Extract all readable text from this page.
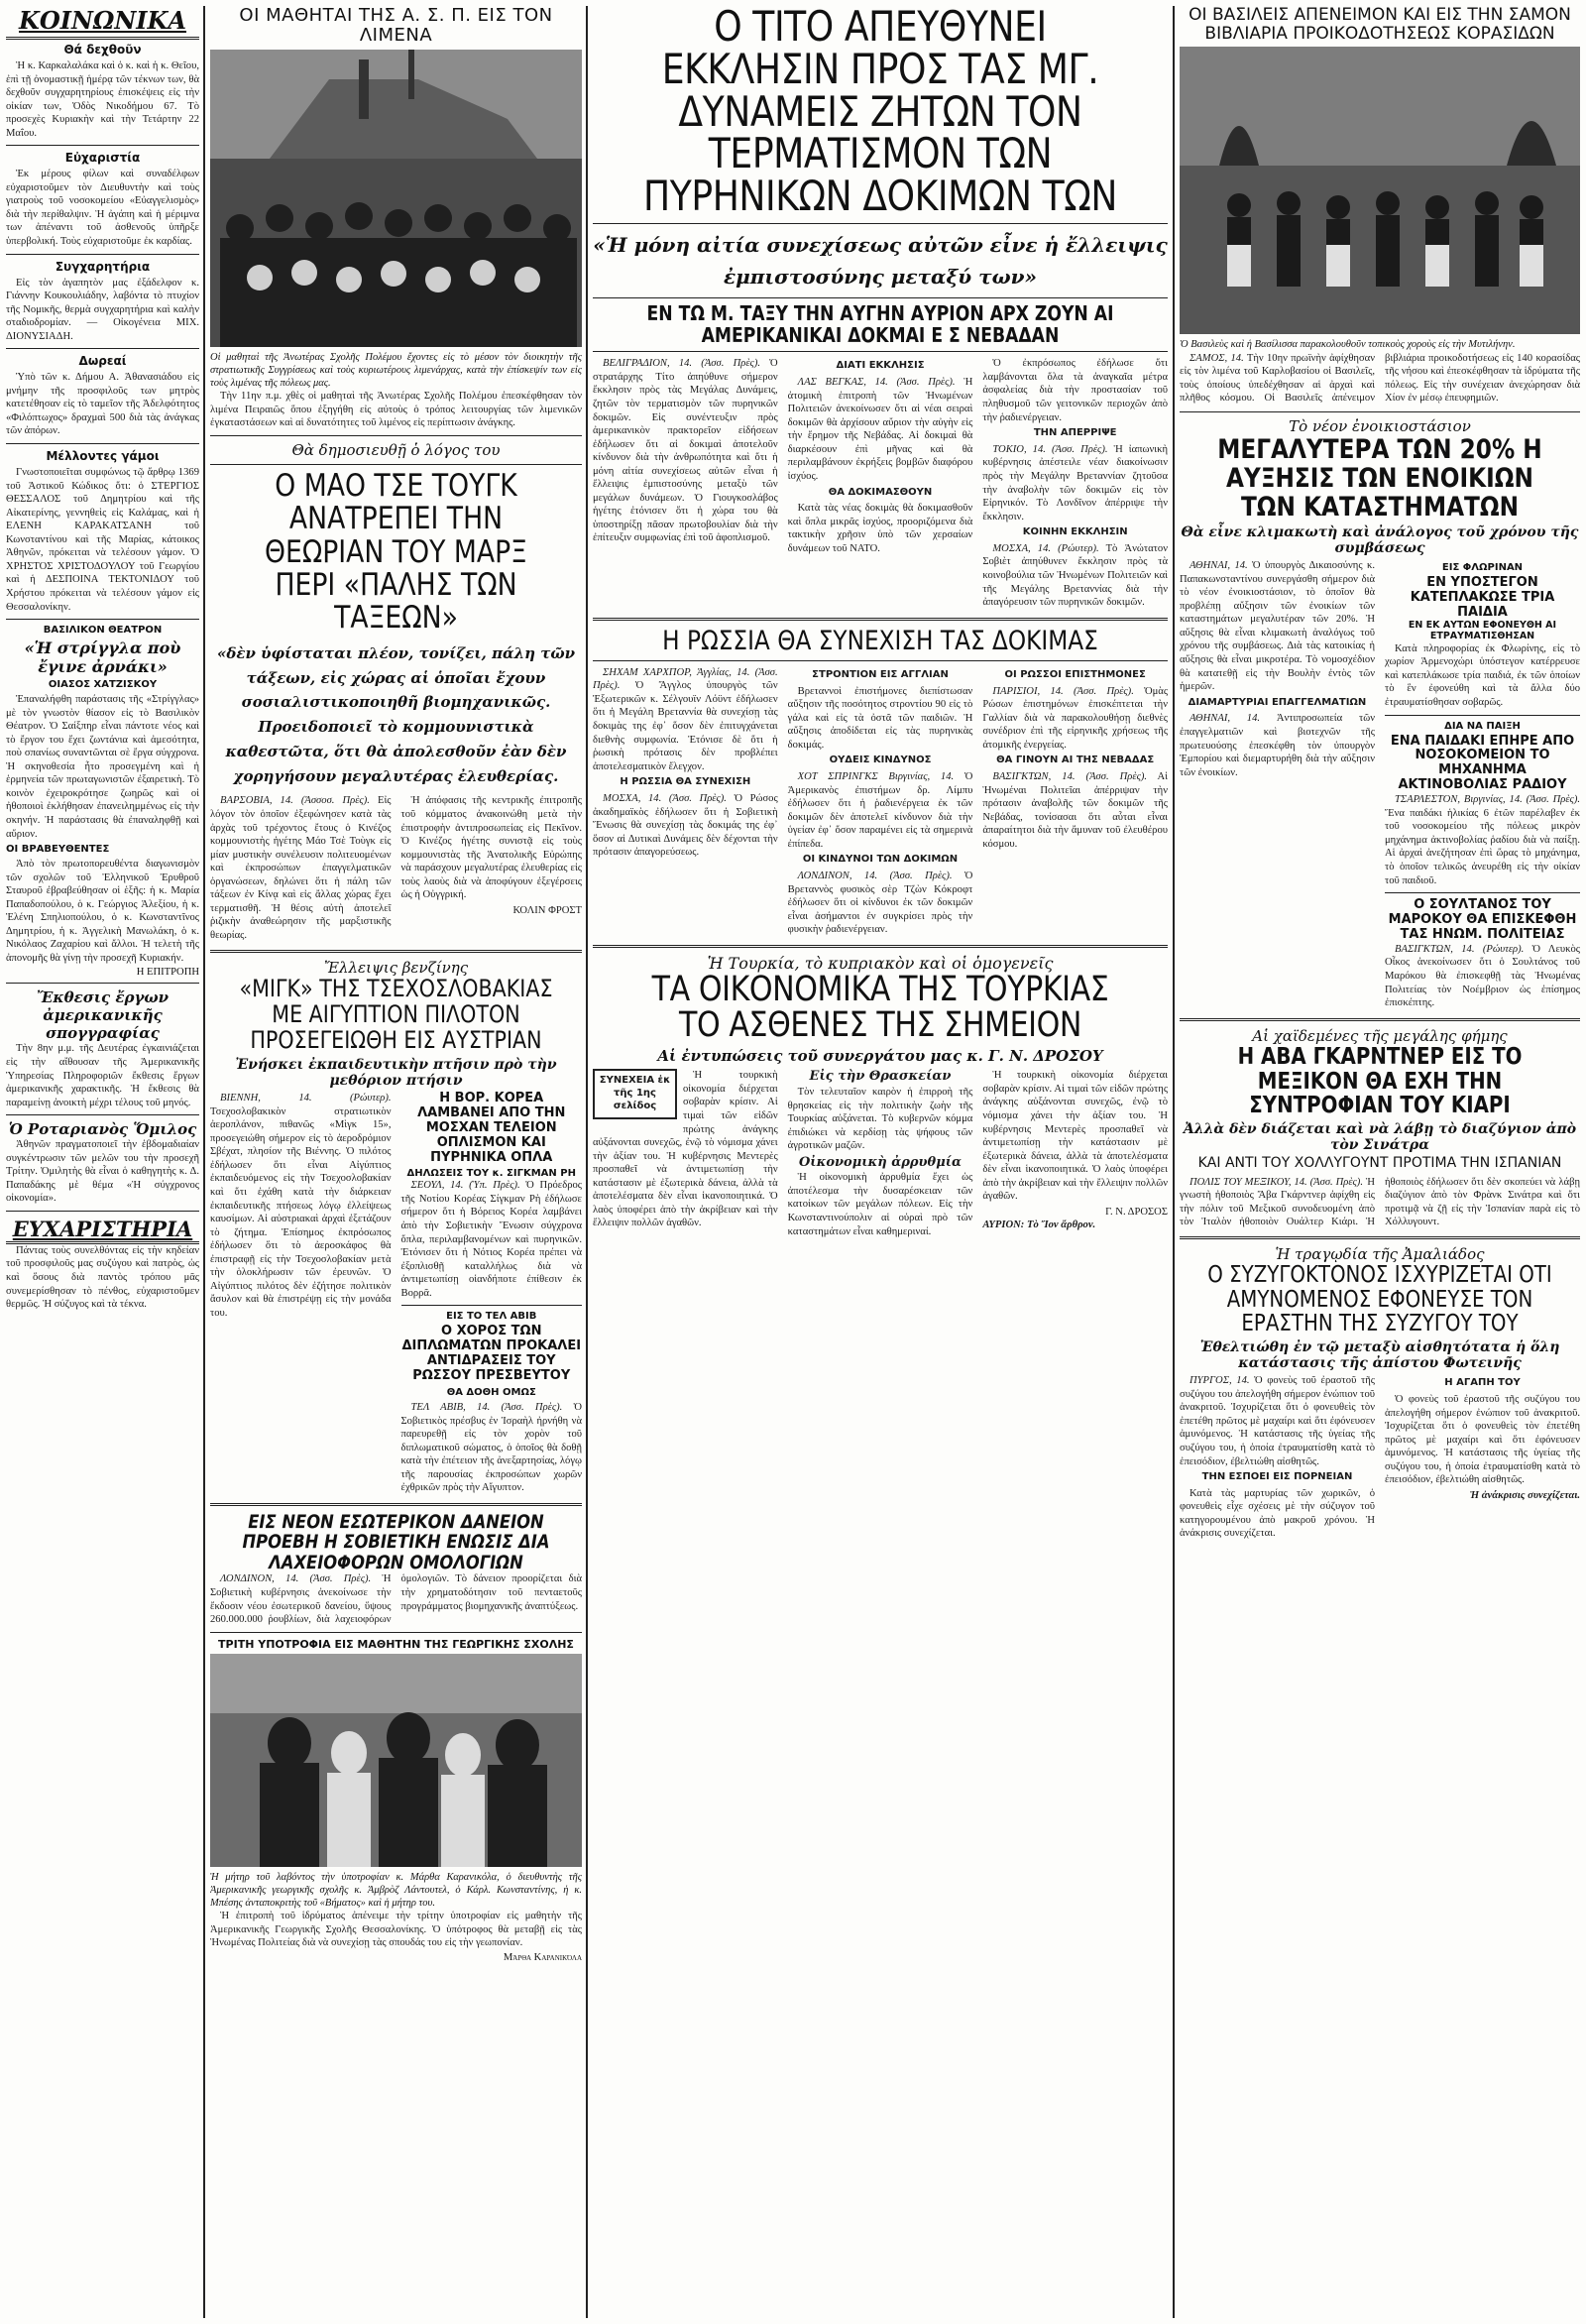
ΚΟΙΝΩΝΙΚΑ
Θά δεχθοῦν

Ἡ κ. Καρκαλαλάκα καὶ ὁ κ. καὶ ἡ κ. Θεῖου, ἐπὶ τῇ ὀνομαστικῇ ἡμέρᾳ τῶν τέκνων των, θὰ δεχθοῦν συγχαρητηρίους ἐπισκέψεις εἰς τὴν οἰκίαν των, Ὁδὸς Νικοδήμου 67. Τὸ προσεχὲς Κυριακὴν καὶ τὴν Τετάρτην 22 Μαΐου.

Εὐχαριστία

Ἐκ μέρους φίλων καὶ συναδέλφων εὐχαριστοῦμεν τὸν Διευθυντὴν καὶ τοὺς γιατροὺς τοῦ νοσοκομείου «Εὐαγγελισμὸς» διὰ τὴν περίθαλψιν. Ἡ ἀγάπη καὶ ἡ μέριμνα των ἀπέναντι τοῦ ἀσθενοῦς ὑπῆρξε ὑπερβολική. Τοὺς εὐχαριστοῦμε ἐκ καρδίας.

Συγχαρητήρια

Εἰς τὸν ἀγαπητὸν μας ἐξάδελφον κ. Γιάννην Κουκουλιάδην, λαβόντα τὸ πτυχίον τῆς Νομικῆς, θερμὰ συγχαρητήρια καὶ καλὴν σταδιοδρομίαν. — Οἰκογένεια ΜΙΧ. ΔΙΟΝΥΣΙΑΔΗ.

Δωρεαί

Ὑπὸ τῶν κ. Δήμου Α. Ἀθανασιάδου εἰς μνήμην τῆς προσφιλοῦς των μητρὸς κατετέθησαν εἰς τὸ ταμεῖον τῆς Ἀδελφότητος «Φιλόπτωχος» δραχμαὶ 500 διὰ τὰς ἀνάγκας τῶν ἀπόρων.

Μέλλοντες γάμοι

Γνωστοποιεῖται συμφώνως τῷ ἄρθρῳ 1369 τοῦ Ἀστικοῦ Κώδικος ὅτι: ὁ ΣΤΕΡΓΙΟΣ ΘΕΣΣΑΛΟΣ τοῦ Δημητρίου καὶ τῆς Αἰκατερίνης, γεννηθεὶς εἰς Καλάμας, καὶ ἡ ΕΛΕΝΗ ΚΑΡΑΚΑΤΣΑΝΗ τοῦ Κωνσταντίνου καὶ τῆς Μαρίας, κάτοικος Ἀθηνῶν, πρόκειται νὰ τελέσουν γάμον. Ὁ ΧΡΗΣΤΟΣ ΧΡΙΣΤΟΔΟΥΛΟΥ τοῦ Γεωργίου καὶ ἡ ΔΕΣΠΟΙΝΑ ΤΕΚΤΟΝΙΔΟΥ τοῦ Χρήστου πρόκειται νὰ τελέσουν γάμον εἰς Θεσσαλονίκην.

ΒΑΣΙΛΙΚΟΝ ΘΕΑΤΡΟΝ
«Ἡ στρίγγλα ποὺ ἔγινε ἀρνάκι»
ΟΙΑΣΟΣ ΧΑΤΖΙΣΚΟΥ

Ἐπαναλήφθη παράστασις τῆς «Στρίγγλας» μὲ τὸν γνωστὸν θίασον εἰς τὸ Βασιλικὸν Θέατρον. Ὁ Σαίξπηρ εἶναι πάντοτε νέος καὶ τὸ ἔργον του ἔχει ζωντάνια καὶ ἀμεσότητα, ποὺ σπανίως συναντῶνται σὲ ἔργα σύγχρονα. Ἡ σκηνοθεσία ἦτο προσεγμένη καὶ ἡ ἑρμηνεία τῶν πρωταγωνιστῶν ἐξαιρετικὴ. Τὸ κοινὸν ἐχειροκρότησε ζωηρῶς καὶ οἱ ἠθοποιοὶ ἐκλήθησαν ἐπανειλημμένως εἰς τὴν σκηνήν. Ἡ παράστασις θὰ ἐπαναληφθῇ καὶ αὔριον.

ΟΙ ΒΡΑΒΕΥΘΕΝΤΕΣ

Ἀπὸ τὸν πρωτοπορευθέντα διαγωνισμὸν τῶν σχολῶν τοῦ Ἐλληνικοῦ Ἐρυθροῦ Σταυροῦ ἐβραβεύθησαν οἱ ἑξῆς: ἡ κ. Μαρία Παπαδοπούλου, ὁ κ. Γεώργιος Ἀλεξίου, ἡ κ. Ἑλένη Σπηλιοπούλου, ὁ κ. Κωνσταντῖνος Δημητρίου, ἡ κ. Ἀγγελικὴ Μανωλάκη, ὁ κ. Νικόλαος Ζαχαρίου καὶ ἄλλοι. Ἡ τελετὴ τῆς ἀπονομῆς θὰ γίνῃ τὴν προσεχῆ Κυριακήν.

Η ΕΠΙΤΡΟΠΗ
Ἔκθεσις ἔργων ἀμερικανικῆς σπογγραφίας

Τὴν 8ην μ.μ. τῆς Δευτέρας ἐγκαινιάζεται εἰς τὴν αἴθουσαν τῆς Ἀμερικανικῆς Ὑπηρεσίας Πληροφοριῶν ἔκθεσις ἔργων ἀμερικανικῆς χαρακτικῆς. Ἡ ἔκθεσις θὰ παραμείνῃ ἀνοικτὴ μέχρι τέλους τοῦ μηνός.

Ὁ Ροταριανὸς Ὅμιλος

Ἀθηνῶν πραγματοποιεῖ τὴν ἑβδομαδιαίαν συγκέντρωσιν τῶν μελῶν του τὴν προσεχῆ Τρίτην. Ὁμιλητὴς θὰ εἶναι ὁ καθηγητὴς κ. Δ. Παπαδάκης μὲ θέμα «Ἡ σύγχρονος οἰκονομία».

ΕΥΧΑΡΙΣΤΗΡΙΑ

Πάντας τοὺς συνελθόντας εἰς τὴν κηδείαν τοῦ προσφιλοῦς μας συζύγου καὶ πατρὸς, ὡς καὶ ὅσους διὰ παντὸς τρόπου μᾶς συνεμερίσθησαν τὸ πένθος, εὐχαριστοῦμεν θερμῶς. Ἡ σύζυγος καὶ τὰ τέκνα.

ΟΙ ΜΑΘΗΤΑΙ ΤΗΣ Α. Σ. Π. ΕΙΣ ΤΟΝ ΛΙΜΕΝΑ
Οἱ μαθηταὶ τῆς Ἀνωτέρας Σχολῆς Πολέμου ἔχοντες εἰς τὸ μέσον τὸν διοικητὴν τῆς στρατιωτικῆς Συγγρίσεως καὶ τοὺς κυριωτέρους λιμενάρχας, κατὰ τὴν ἐπίσκεψίν των εἰς τοὺς λιμένας τῆς πόλεως μας.

Τὴν 11ην π.μ. χθὲς οἱ μαθηταὶ τῆς Ἀνωτέρας Σχολῆς Πολέμου ἐπεσκέφθησαν τὸν λιμένα Πειραιῶς ὅπου ἐξηγήθη εἰς αὐτοὺς ὁ τρόπος λειτουργίας τῶν λιμενικῶν ἐγκαταστάσεων καὶ αἱ δυνατότητες τοῦ λιμένος εἰς περίπτωσιν ἀνάγκης.

Θὰ δημοσιευθῇ ὁ λόγος του
Ο ΜΑΟ ΤΣΕ ΤΟΥΓΚ ΑΝΑΤΡΕΠΕΙ ΤΗΝ ΘΕΩΡΙΑΝ ΤΟΥ ΜΑΡΞ ΠΕΡΙ «ΠΑΛΗΣ ΤΩΝ ΤΑΞΕΩΝ»
«δὲν ὑφίσταται πλέον, τονίζει, πάλη τῶν τάξεων, εἰς χώρας αἱ ὁποῖαι ἔχουν σοσιαλιστικοποιηθῆ βιομηχανικῶς. Προειδοποιεῖ τὸ κομμουνιστικὰ καθεστῶτα, ὅτι θὰ ἀπολεσθοῦν ἐὰν δὲν χορηγήσουν μεγαλυτέρας ἐλευθερίας.

ΒΑΡΣΟΒΙΑ, 14. (Ἀσσοσ. Πρὲς). Εἰς λόγον τὸν ὁποῖον ἐξεφώνησεν κατὰ τὰς ἀρχὰς τοῦ τρέχοντος ἔτους ὁ Κινέζος κομμουνιστὴς ἡγέτης Μάο Τσὲ Τοὺγκ εἰς μίαν μυστικὴν συνέλευσιν πολιτευομένων καὶ ἐκπροσώπων ἐπαγγελματικῶν ὀργανώσεων, δηλώνει ὅτι ἡ πάλη τῶν τάξεων ἐν Κίνᾳ καὶ εἰς ἄλλας χώρας ἔχει τερματισθῆ. Ἡ θέσις αὐτὴ ἀποτελεῖ ῥιζικὴν ἀναθεώρησιν τῆς μαρξιστικῆς θεωρίας.

Ἡ ἀπόφασις τῆς κεντρικῆς ἐπιτροπῆς τοῦ κόμματος ἀνακοινώθη μετὰ τὴν ἐπιστροφὴν ἀντιπροσωπείας εἰς Πεκῖνον. Ὁ Κινέζος ἡγέτης συνιστᾷ εἰς τοὺς κομμουνιστὰς τῆς Ἀνατολικῆς Εὐρώπης νὰ παράσχουν μεγαλυτέρας ἐλευθερίας εἰς τοὺς λαοὺς διὰ νὰ ἀποφύγουν ἐξεγέρσεις ὡς ἡ Οὐγγρική.

ΚΟΛΙΝ ΦΡΟΣΤ
Ἔλλειψις βενζίνης
«ΜΙΓΚ» ΤΗΣ ΤΣΕΧΟΣΛΟΒΑΚΙΑΣ ΜΕ ΑΙΓΥΠΤΙΟΝ ΠΙΛΟΤΟΝ ΠΡΟΣΕΓΕΙΩΘΗ ΕΙΣ ΑΥΣΤΡΙΑΝ
Ἐνήσκει ἐκπαιδευτικὴν πτῆσιν πρὸ τὴν μεθόριον πτήσιν

ΒΙΕΝΝΗ, 14. (Ρώυτερ). Τσεχοσλοβακικὸν στρατιωτικὸν ἀεροπλάνον, πιθανῶς «Μὶγκ 15», προσεγειώθη σήμερον εἰς τὸ ἀεροδρόμιον Σβέχατ, πλησίον τῆς Βιέννης. Ὁ πιλότος ἐδήλωσεν ὅτι εἶναι Αἰγύπτιος ἐκπαιδευόμενος εἰς τὴν Τσεχοσλοβακίαν καὶ ὅτι ἐχάθη κατὰ τὴν διάρκειαν ἐκπαιδευτικῆς πτήσεως λόγῳ ἐλλείψεως καυσίμων. Αἱ αὐστριακαὶ ἀρχαὶ ἐξετάζουν τὸ ζήτημα. Ἐπίσημος ἐκπρόσωπος ἐδήλωσεν ὅτι τὸ ἀεροσκάφος θὰ ἐπιστραφῇ εἰς τὴν Τσεχοσλοβακίαν μετὰ τὴν ὁλοκλήρωσιν τῶν ἐρευνῶν. Ὁ Αἰγύπτιος πιλότος δὲν ἐζήτησε πολιτικὸν ἄσυλον καὶ θὰ ἐπιστρέψῃ εἰς τὴν μονάδα του.

Η ΒΟΡ. ΚΟΡΕΑ ΛΑΜΒΑΝΕΙ ΑΠΟ ΤΗΝ ΜΟΣΧΑΝ ΤΕΛΕΙΟΝ ΟΠΛΙΣΜΟΝ ΚΑΙ ΠΥΡΗΝΙΚΑ ΟΠΛΑ
ΔΗΛΩΣΕΙΣ ΤΟΥ κ. ΣΙΓΚΜΑΝ ΡΗ

ΣΕΟΥΛ, 14. (Ὑπ. Πρὲς). Ὁ Πρόεδρος τῆς Νοτίου Κορέας Σίγκμαν Ρὴ ἐδήλωσε σήμερον ὅτι ἡ Βόρειος Κορέα λαμβάνει ἀπὸ τὴν Σοβιετικὴν Ἕνωσιν σύγχρονα ὅπλα, περιλαμβανομένων καὶ πυρηνικῶν. Ἐτόνισεν ὅτι ἡ Νότιος Κορέα πρέπει νὰ ἐξοπλισθῇ καταλλήλως διὰ νὰ ἀντιμετωπίσῃ οἱανδήποτε ἐπίθεσιν ἐκ Βορρᾶ.

ΕΙΣ ΤΟ ΤΕΛ ΑΒΙΒ
Ο ΧΟΡΟΣ ΤΩΝ ΔΙΠΛΩΜΑΤΩΝ ΠΡΟΚΑΛΕΙ ΑΝΤΙΔΡΑΣΕΙΣ ΤΟΥ ΡΩΣΣΟΥ ΠΡΕΣΒΕΥΤΟΥ
ΘΑ ΔΟΘΗ ΟΜΩΣ

ΤΕΛ ΑΒΙΒ, 14. (Ἀσσ. Πρὲς). Ὁ Σοβιετικὸς πρέσβυς ἐν Ἰσραὴλ ἠρνήθη νὰ παρευρεθῇ εἰς τὸν χορὸν τοῦ διπλωματικοῦ σώματος, ὁ ὁποῖος θὰ δοθῇ κατὰ τὴν ἐπέτειον τῆς ἀνεξαρτησίας, λόγῳ τῆς παρουσίας ἐκπροσώπων χωρῶν ἐχθρικῶν πρὸς τὴν Αἴγυπτον.

ΕΙΣ ΝΕΟΝ ΕΣΩΤΕΡΙΚΟΝ ΔΑΝΕΙΟΝ ΠΡΟΕΒΗ Η ΣΟΒΙΕΤΙΚΗ ΕΝΩΣΙΣ ΔΙΑ ΛΑΧΕΙΟΦΟΡΩΝ ΟΜΟΛΟΓΙΩΝ

ΛΟΝΔΙΝΟΝ, 14. (Ἀσσ. Πρὲς). Ἡ Σοβιετικὴ κυβέρνησις ἀνεκοίνωσε τὴν ἔκδοσιν νέου ἐσωτερικοῦ δανείου, ὕψους 260.000.000 ῥουβλίων, διὰ λαχειοφόρων ὁμολογιῶν. Τὸ δάνειον προορίζεται διὰ τὴν χρηματοδότησιν τοῦ πενταετοῦς προγράμματος βιομηχανικῆς ἀναπτύξεως.

ΤΡΙΤΗ ΥΠΟΤΡΟΦΙΑ ΕΙΣ ΜΑΘΗΤΗΝ ΤΗΣ ΓΕΩΡΓΙΚΗΣ ΣΧΟΛΗΣ
Ἡ μήτηρ τοῦ λαβόντος τὴν ὑποτροφίαν κ. Μάρθα Καρανικόλα, ὁ διευθυντὴς τῆς Ἀμερικανικῆς γεωργικῆς σχολῆς κ. Ἀμβρὸζ Λάντουτελ, ὁ Κάρλ. Κωνσταντίνης, ἡ κ. Μπέσης ἀνταποκριτὴς τοῦ «Βήματος» καὶ ἡ μήτηρ του.

Ἡ ἐπιτροπὴ τοῦ ἱδρύματος ἀπένειμε τὴν τρίτην ὑποτροφίαν εἰς μαθητὴν τῆς Ἀμερικανικῆς Γεωργικῆς Σχολῆς Θεσσαλονίκης. Ὁ ὑπότροφος θὰ μεταβῇ εἰς τὰς Ἡνωμένας Πολιτείας διὰ νὰ συνεχίσῃ τὰς σπουδάς του εἰς τὴν γεωπονίαν.

Μάρθα Καρανικόλα
Ο ΤΙΤΟ ΑΠΕΥΘΥΝΕΙ ΕΚΚΛΗΣΙΝ ΠΡΟΣ ΤΑΣ ΜΓ. ΔΥΝΑΜΕΙΣ ΖΗΤΩΝ ΤΟΝ ΤΕΡΜΑΤΙΣΜΟΝ ΤΩΝ ΠΥΡΗΝΙΚΩΝ ΔΟΚΙΜΩΝ ΤΩΝ
«Ἡ μόνη αἰτία συνεχίσεως αὐτῶν εἶνε ἡ ἔλλειψις ἐμπιστοσύνης μεταξύ των»
ΕΝ ΤΩ Μ. ΤΑΞΥ ΤΗΝ ΑΥΓΗΝ ΑΥΡΙΟΝ ΑΡΧ ΖΟΥΝ ΑΙ ΑΜΕΡΙΚΑΝΙΚΑΙ ΔΟΚΜΑΙ Ε Σ ΝΕΒΑΔΑΝ

ΒΕΛΙΓΡΑΔΙΟΝ, 14. (Ἀσσ. Πρὲς). Ὁ στρατάρχης Τίτο ἀπηύθυνε σήμερον ἔκκλησιν πρὸς τὰς Μεγάλας Δυνάμεις, ζητῶν τὸν τερματισμὸν τῶν πυρηνικῶν δοκιμῶν. Εἰς συνέντευξιν πρὸς ἀμερικανικὸν πρακτορεῖον εἰδήσεων ἐδήλωσεν ὅτι αἱ δοκιμαὶ ἀποτελοῦν κίνδυνον διὰ τὴν ἀνθρωπότητα καὶ ὅτι ἡ μόνη αἰτία συνεχίσεως αὐτῶν εἶναι ἡ ἔλλειψις ἐμπιστοσύνης μεταξὺ τῶν μεγάλων δυνάμεων. Ὁ Γιουγκοσλάβος ἡγέτης ἐτόνισεν ὅτι ἡ χώρα του θὰ ὑποστηρίξῃ πᾶσαν πρωτοβουλίαν διὰ τὴν ἐπίτευξιν συμφωνίας ἐπὶ τοῦ ἀφοπλισμοῦ.

ΔΙΑΤΙ ΕΚΚΛΗΣΙΣ

ΛΑΣ ΒΕΓΚΑΣ, 14. (Ἀσσ. Πρὲς). Ἡ ἀτομικὴ ἐπιτροπὴ τῶν Ἡνωμένων Πολιτειῶν ἀνεκοίνωσεν ὅτι αἱ νέαι σειραὶ δοκιμῶν θὰ ἀρχίσουν αὔριον τὴν αὐγὴν εἰς τὴν ἔρημον τῆς Νεβάδας. Αἱ δοκιμαὶ θὰ διαρκέσουν ἐπὶ μῆνας καὶ θὰ περιλαμβάνουν ἐκρήξεις βομβῶν διαφόρου ἰσχύος.

ΘΑ ΔΟΚΙΜΑΣΘΟΥΝ

Κατὰ τὰς νέας δοκιμὰς θὰ δοκιμασθοῦν καὶ ὅπλα μικρᾶς ἰσχύος, προοριζόμενα διὰ τακτικὴν χρῆσιν ὑπὸ τῶν χερσαίων δυνάμεων τοῦ ΝΑΤΟ.

Ὁ ἐκπρόσωπος ἐδήλωσε ὅτι λαμβάνονται ὅλα τὰ ἀναγκαῖα μέτρα ἀσφαλείας διὰ τὴν προστασίαν τοῦ πληθυσμοῦ τῶν γειτονικῶν περιοχῶν ἀπὸ τὴν ῥαδιενέργειαν.

ΤΗΝ ΑΠΕΡΡΙΨΕ

ΤΟΚΙΟ, 14. (Ἀσσ. Πρὲς). Ἡ ἰαπωνικὴ κυβέρνησις ἀπέστειλε νέαν διακοίνωσιν πρὸς τὴν Μεγάλην Βρεταννίαν ζητοῦσα τὴν ἀναβολὴν τῶν δοκιμῶν εἰς τὸν Εἰρηνικόν. Τὸ Λονδῖνον ἀπέρριψε τὴν ἔκκλησιν.

ΚΟΙΝΗΝ ΕΚΚΛΗΣΙΝ

ΜΟΣΧΑ, 14. (Ρώυτερ). Τὸ Ἀνώτατον Σοβιὲτ ἀπηύθυνεν ἔκκλησιν πρὸς τὰ κοινοβούλια τῶν Ἡνωμένων Πολιτειῶν καὶ τῆς Μεγάλης Βρεταννίας διὰ τὴν ἀπαγόρευσιν τῶν πυρηνικῶν δοκιμῶν.

Η ΡΩΣΣΙΑ ΘΑ ΣΥΝΕΧΙΣΗ ΤΑΣ ΔΟΚΙΜΑΣ

ΣΗΧΑΜ ΧΑΡΧΠΟΡ, Ἀγγλίας, 14. (Ἀσσ. Πρὲς). Ὁ Ἄγγλος ὑπουργὸς τῶν Ἐξωτερικῶν κ. Σέλγουϊν Λόϋντ ἐδήλωσεν ὅτι ἡ Μεγάλη Βρεταννία θὰ συνεχίσῃ τὰς δοκιμὰς της ἐφ᾽ ὅσον δὲν ἐπιτυγχάνεται διεθνὴς συμφωνία. Ἐτόνισε δὲ ὅτι ἡ ῥωσικὴ πρότασις δὲν προβλέπει ἀποτελεσματικὸν ἔλεγχον.

Η ΡΩΣΣΙΑ ΘΑ ΣΥΝΕΧΙΣΗ

ΜΟΣΧΑ, 14. (Ἀσσ. Πρὲς). Ὁ Ρώσος ἀκαδημαϊκὸς ἐδήλωσεν ὅτι ἡ Σοβιετικὴ Ἕνωσις θὰ συνεχίσῃ τὰς δοκιμάς της ἐφ᾽ ὅσον αἱ Δυτικαὶ Δυνάμεις δὲν δέχονται τὴν πρότασιν ἀπαγορεύσεως.

ΣΤΡΟΝΤΙΟΝ ΕΙΣ ΑΓΓΛΙΑΝ

Βρεταννοὶ ἐπιστήμονες διεπίστωσαν αὔξησιν τῆς ποσότητος στροντίου 90 εἰς τὸ γάλα καὶ εἰς τὰ ὀστᾶ τῶν παιδιῶν. Ἡ αὔξησις ἀποδίδεται εἰς τὰς πυρηνικὰς δοκιμάς.

ΟΥΔΕΙΣ ΚΙΝΔΥΝΟΣ

ΧΟΤ ΣΠΡΙΝΓΚΣ Βιργινίας, 14. Ὁ Ἀμερικανὸς ἐπιστήμων δρ. Λίμπυ ἐδήλωσεν ὅτι ἡ ῥαδιενέργεια ἐκ τῶν δοκιμῶν δὲν ἀποτελεῖ κίνδυνον διὰ τὴν ὑγείαν ἐφ᾽ ὅσον παραμένει εἰς τὰ σημερινὰ ἐπίπεδα.

ΟΙ ΚΙΝΔΥΝΟΙ ΤΩΝ ΔΟΚΙΜΩΝ

ΛΟΝΔΙΝΟΝ, 14. (Ἀσσ. Πρὲς). Ὁ Βρεταννὸς φυσικὸς σὲρ Τζὼν Κόκροφτ ἐδήλωσεν ὅτι οἱ κίνδυνοι ἐκ τῶν δοκιμῶν εἶναι ἀσήμαντοι ἐν συγκρίσει πρὸς τὴν φυσικὴν ῥαδιενέργειαν.

ΟΙ ΡΩΣΣΟΙ ΕΠΙΣΤΗΜΟΝΕΣ

ΠΑΡΙΣΙΟΙ, 14. (Ἀσσ. Πρὲς). Ὁμὰς Ρώσων ἐπιστημόνων ἐπισκέπτεται τὴν Γαλλίαν διὰ νὰ παρακολουθήσῃ διεθνὲς συνέδριον ἐπὶ τῆς εἰρηνικῆς χρήσεως τῆς ἀτομικῆς ἐνεργείας.

ΘΑ ΓΙΝΟΥΝ ΑΙ ΤΗΣ ΝΕΒΑΔΑΣ

ΒΑΣΙΓΚΤΩΝ, 14. (Ἀσσ. Πρὲς). Αἱ Ἡνωμέναι Πολιτεῖαι ἀπέρριψαν τὴν πρότασιν ἀναβολῆς τῶν δοκιμῶν τῆς Νεβάδας, τονίσασαι ὅτι αὗται εἶναι ἀπαραίτητοι διὰ τὴν ἄμυναν τοῦ ἐλευθέρου κόσμου.

Ἡ Τουρκία, τὸ κυπριακὸν καὶ οἱ ὁμογενεῖς
ΤΑ ΟΙΚΟΝΟΜΙΚΑ ΤΗΣ ΤΟΥΡΚΙΑΣ ΤΟ ΑΣΘΕΝΕΣ ΤΗΣ ΣΗΜΕΙΟΝ
Αἱ ἐντυπώσεις τοῦ συνεργάτου μας κ. Γ. Ν. ΔΡΟΣΟΥ
ΣΥΝΕΧΕΙΑ ἐκ τῆς 1ης σελίδος

Ἡ τουρκικὴ οἰκονομία διέρχεται σοβαρὰν κρίσιν. Αἱ τιμαὶ τῶν εἰδῶν πρώτης ἀνάγκης αὐξάνονται συνεχῶς, ἐνῷ τὸ νόμισμα χάνει τὴν ἀξίαν του. Ἡ κυβέρνησις Μεντερὲς προσπαθεῖ νὰ ἀντιμετωπίσῃ τὴν κατάστασιν μὲ ἐξωτερικὰ δάνεια, ἀλλὰ τὰ ἀποτελέσματα δὲν εἶναι ἱκανοποιητικά. Ὁ λαὸς ὑποφέρει ἀπὸ τὴν ἀκρίβειαν καὶ τὴν ἔλλειψιν πολλῶν ἀγαθῶν.

Εἰς τὴν Θρασκείαν

Τὸν τελευταῖον καιρὸν ἡ ἐπιρροὴ τῆς θρησκείας εἰς τὴν πολιτικὴν ζωὴν τῆς Τουρκίας αὐξάνεται. Τὸ κυβερνῶν κόμμα ἐπιδιώκει νὰ κερδίσῃ τὰς ψήφους τῶν ἀγροτικῶν μαζῶν.

Οἰκονομικὴ ἀρρυθμία

Ἡ οἰκονομικὴ ἀρρυθμία ἔχει ὡς ἀποτέλεσμα τὴν δυσαρέσκειαν τῶν κατοίκων τῶν μεγάλων πόλεων. Εἰς τὴν Κωνσταντινούπολιν αἱ οὐραὶ πρὸ τῶν καταστημάτων εἶναι καθημεριναί.

Ἡ τουρκικὴ οἰκονομία διέρχεται σοβαρὰν κρίσιν. Αἱ τιμαὶ τῶν εἰδῶν πρώτης ἀνάγκης αὐξάνονται συνεχῶς, ἐνῷ τὸ νόμισμα χάνει τὴν ἀξίαν του. Ἡ κυβέρνησις Μεντερὲς προσπαθεῖ νὰ ἀντιμετωπίσῃ τὴν κατάστασιν μὲ ἐξωτερικὰ δάνεια, ἀλλὰ τὰ ἀποτελέσματα δὲν εἶναι ἱκανοποιητικά. Ὁ λαὸς ὑποφέρει ἀπὸ τὴν ἀκρίβειαν καὶ τὴν ἔλλειψιν πολλῶν ἀγαθῶν.

Γ. Ν. ΔΡΟΣΟΣ
ΑΥΡΙΟΝ: Τὸ Ἴον ἄρθρον.
ΟΙ ΒΑΣΙΛΕΙΣ ΑΠΕΝΕΙΜΟΝ ΚΑΙ ΕΙΣ ΤΗΝ ΣΑΜΟΝ ΒΙΒΛΙΑΡΙΑ ΠΡΟΙΚΟΔΟΤΗΣΕΩΣ ΚΟΡΑΣΙΔΩΝ
Ὁ Βασιλεὺς καὶ ἡ Βασίλισσα παρακολουθοῦν τοπικοὺς χοροὺς εἰς τὴν Μυτιλήνην.

ΣΑΜΟΣ, 14. Τὴν 10ην πρωϊνὴν ἀφίχθησαν εἰς τὸν λιμένα τοῦ Καρλοβασίου οἱ Βασιλεῖς, τοὺς ὁποίους ὑπεδέχθησαν αἱ ἀρχαὶ καὶ πλῆθος κόσμου. Οἱ Βασιλεῖς ἀπένειμον βιβλιάρια προικοδοτήσεως εἰς 140 κορασίδας τῆς νήσου καὶ ἐπεσκέφθησαν τὰ ἱδρύματα τῆς πόλεως. Εἰς τὴν συνέχειαν ἀνεχώρησαν διὰ Χίον ἐν μέσῳ ἐπευφημιῶν.

Τὸ νέον ἐνοικιοστάσιον
ΜΕΓΑΛΥΤΕΡΑ ΤΩΝ 20% Η ΑΥΞΗΣΙΣ ΤΩΝ ΕΝΟΙΚΙΩΝ ΤΩΝ ΚΑΤΑΣΤΗΜΑΤΩΝ
Θὰ εἶνε κλιμακωτὴ καὶ ἀνάλογος τοῦ χρόνου τῆς συμβάσεως

ΑΘΗΝΑΙ, 14. Ὁ ὑπουργὸς Δικαιοσύνης κ. Παπακωνσταντίνου συνεργάσθη σήμερον διὰ τὸ νέον ἐνοικιοστάσιον, τὸ ὁποῖον θὰ προβλέπῃ αὔξησιν τῶν ἐνοικίων τῶν καταστημάτων μεγαλυτέραν τῶν 20%. Ἡ αὔξησις θὰ εἶναι κλιμακωτὴ ἀναλόγως τοῦ χρόνου τῆς συμβάσεως. Διὰ τὰς κατοικίας ἡ αὔξησις θὰ εἶναι μικροτέρα. Τὸ νομοσχέδιον θὰ κατατεθῇ εἰς τὴν Βουλὴν ἐντὸς τῶν ἡμερῶν.

ΔΙΑΜΑΡΤΥΡΙΑΙ ΕΠΑΓΓΕΛΜΑΤΙΩΝ

ΑΘΗΝΑΙ, 14. Ἀντιπροσωπεία τῶν ἐπαγγελματιῶν καὶ βιοτεχνῶν τῆς πρωτευούσης ἐπεσκέφθη τὸν ὑπουργὸν Ἐμπορίου καὶ διεμαρτυρήθη διὰ τὴν αὔξησιν τῶν ἐνοικίων.

ΕΙΣ ΦΛΩΡΙΝΑΝ
ΕΝ ΥΠΟΣΤΕΓΟΝ ΚΑΤΕΠΛΑΚΩΣΕ ΤΡΙΑ ΠΑΙΔΙΑ
ΕΝ ΕΚ ΑΥΤΩΝ ΕΦΟΝΕΥΘΗ ΑΙ ΕΤΡΑΥΜΑΤΙΣΘΗΣΑΝ

Κατὰ πληροφορίας ἐκ Φλωρίνης, εἰς τὸ χωρίον Ἀρμενοχώρι ὑπόστεγον κατέρρευσε καὶ κατεπλάκωσε τρία παιδιά, ἐκ τῶν ὁποίων τὸ ἓν ἐφονεύθη καὶ τὰ ἄλλα δύο ἐτραυματίσθησαν σοβαρῶς.

ΔΙΑ ΝΑ ΠΑΙΞΗ
ΕΝΑ ΠΑΙΔΑΚΙ ΕΠΗΡΕ ΑΠΟ ΝΟΣΟΚΟΜΕΙΟΝ ΤΟ ΜΗΧΑΝΗΜΑ ΑΚΤΙΝΟΒΟΛΙΑΣ ΡΑΔΙΟΥ

ΤΣΑΡΛΕΣΤΟΝ, Βιργινίας, 14. (Ἀσσ. Πρὲς). Ἕνα παιδάκι ἡλικίας 6 ἐτῶν παρέλαβεν ἐκ τοῦ νοσοκομείου τῆς πόλεως μικρὸν μηχάνημα ἀκτινοβολίας ῥαδίου διὰ νὰ παίξῃ. Αἱ ἀρχαὶ ἀνεζήτησαν ἐπὶ ὥρας τὸ μηχάνημα, τὸ ὁποῖον τελικῶς ἀνευρέθη εἰς τὴν οἰκίαν τοῦ παιδιοῦ.

Ο ΣΟΥΛΤΑΝΟΣ ΤΟΥ ΜΑΡΟΚΟΥ ΘΑ ΕΠΙΣΚΕΦΘΗ ΤΑΣ ΗΝΩΜ. ΠΟΛΙΤΕΙΑΣ

ΒΑΣΙΓΚΤΩΝ, 14. (Ρώυτερ). Ὁ Λευκὸς Οἶκος ἀνεκοίνωσεν ὅτι ὁ Σουλτάνος τοῦ Μαρόκου θὰ ἐπισκεφθῇ τὰς Ἡνωμένας Πολιτείας τὸν Νοέμβριον ὡς ἐπίσημος ἐπισκέπτης.

Αἱ χαϊδεμένες τῆς μεγάλης φήμης
Η ΑΒΑ ΓΚΑΡΝΤΝΕΡ ΕΙΣ ΤΟ ΜΕΞΙΚΟΝ ΘΑ ΕΧΗ ΤΗΝ ΣΥΝΤΡΟΦΙΑΝ ΤΟΥ ΚΙΑΡΙ
Ἀλλὰ δὲν διάζεται καὶ νὰ λάβῃ τὸ διαζύγιον ἀπὸ τὸν Σινάτρα
ΚΑΙ ΑΝΤΙ ΤΟΥ ΧΟΛΛΥΓΟΥΝΤ ΠΡΟΤΙΜΑ ΤΗΝ ΙΣΠΑΝΙΑΝ

ΠΟΛΙΣ ΤΟΥ ΜΕΞΙΚΟΥ, 14. (Ἀσσ. Πρὲς). Ἡ γνωστὴ ἠθοποιὸς Ἄβα Γκάρντνερ ἀφίχθη εἰς τὴν πόλιν τοῦ Μεξικοῦ συνοδευομένη ἀπὸ τὸν Ἰταλὸν ἠθοποιὸν Ουάλτερ Κιάρι. Ἡ ἠθοποιὸς ἐδήλωσεν ὅτι δὲν σκοπεύει νὰ λάβῃ διαζύγιον ἀπὸ τὸν Φρὰνκ Σινάτρα καὶ ὅτι προτιμᾷ νὰ ζῇ εἰς τὴν Ἱσπανίαν παρὰ εἰς τὸ Χόλλυγουντ.

Ἡ τραγῳδία τῆς Ἀμαλιάδος
Ο ΣΥΖΥΓΟΚΤΟΝΟΣ ΙΣΧΥΡΙΖΕΤΑΙ ΟΤΙ ΑΜΥΝΟΜΕΝΟΣ ΕΦΟΝΕΥΣΕ ΤΟΝ ΕΡΑΣΤΗΝ ΤΗΣ ΣΥΖΥΓΟΥ ΤΟΥ
Ἐθελτιώθη ἐν τῷ μεταξὺ αἰσθητότατα ἡ ὅλη κατάστασις τῆς ἀπίστου Φωτεινῆς

ΠΥΡΓΟΣ, 14. Ὁ φονεὺς τοῦ ἐραστοῦ τῆς συζύγου του ἀπελογήθη σήμερον ἐνώπιον τοῦ ἀνακριτοῦ. Ἰσχυρίζεται ὅτι ὁ φονευθεὶς τὸν ἐπετέθη πρῶτος μὲ μαχαίρι καὶ ὅτι ἐφόνευσεν ἀμυνόμενος. Ἡ κατάστασις τῆς ὑγείας τῆς συζύγου του, ἡ ὁποία ἐτραυματίσθη κατὰ τὸ ἐπεισόδιον, ἐβελτιώθη αἰσθητῶς.

ΤΗΝ ΕΣΠΟΕΙ ΕΙΣ ΠΟΡΝΕΙΑΝ

Κατὰ τὰς μαρτυρίας τῶν χωρικῶν, ὁ φονευθεὶς εἶχε σχέσεις μὲ τὴν σύζυγον τοῦ κατηγορουμένου ἀπὸ μακροῦ χρόνου. Ἡ ἀνάκρισις συνεχίζεται.

Η ΑΓΑΠΗ ΤΟΥ

Ὁ φονεὺς τοῦ ἐραστοῦ τῆς συζύγου του ἀπελογήθη σήμερον ἐνώπιον τοῦ ἀνακριτοῦ. Ἰσχυρίζεται ὅτι ὁ φονευθεὶς τὸν ἐπετέθη πρῶτος μὲ μαχαίρι καὶ ὅτι ἐφόνευσεν ἀμυνόμενος. Ἡ κατάστασις τῆς ὑγείας τῆς συζύγου του, ἡ ὁποία ἐτραυματίσθη κατὰ τὸ ἐπεισόδιον, ἐβελτιώθη αἰσθητῶς.

Ἡ ἀνάκρισις συνεχίζεται.
